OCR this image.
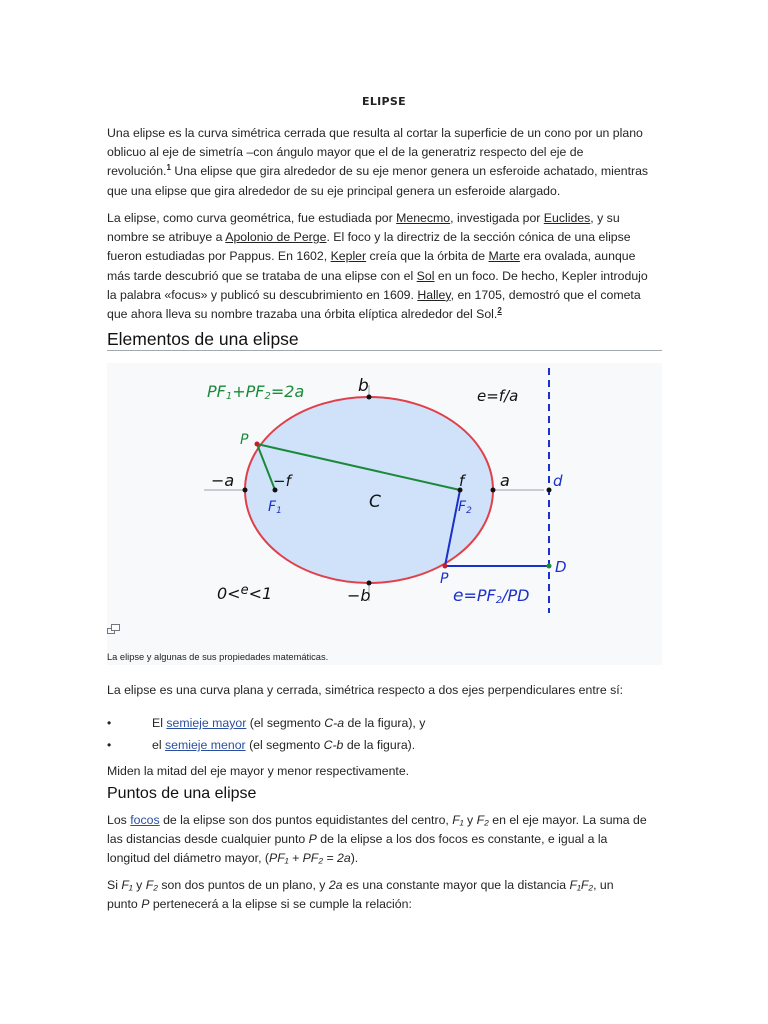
ELIPSE
Una elipse es la curva simétrica cerrada que resulta al cortar la superficie de un cono por un plano
oblicuo al eje de simetría –con ángulo mayor que el de la generatriz respecto del eje de
revolución.$^1$ Una elipse que gira alrededor de su eje menor genera un esferoide achatado, mientras
que una elipse que gira alrededor de su eje principal genera un esferoide alargado.
La elipse, como curva geométrica, fue estudiada por Menecmo, investigada por Euclides, y su
nombre se atribuye a Apolonio de Perge. El foco y la directriz de la sección cónica de una elipse
fueron estudiadas por Pappus. En 1602, Kepler creía que la órbita de Marte era ovalada, aunque
más tarde descubrió que se trataba de una elipse con el Sol en un foco. De hecho, Kepler introdujo
la palabra «focus» y publicó su descubrimiento en 1609. Halley, en 1705, demostró que el cometa
que ahora lleva su nombre trazaba una órbita elíptica alrededor del Sol.$^2$
Elementos de una elipse
PF1+PF2=2a	b	e=f/a
P
−a	−f	f a	d
F1	C	F2
P
D
0<$^e$<1	−b	e=PF2/PD
La elipse y algunas de sus propiedades matemáticas.
La elipse es una curva plana y cerrada, simétrica respecto a dos ejes perpendiculares entre sí:
•	El semieje mayor (el segmento C-a de la figura), y
•	el semieje menor (el segmento C-b de la figura).
Miden la mitad del eje mayor y menor respectivamente.
Puntos de una elipse
Los focos de la elipse son dos puntos equidistantes del centro, F₁ y F₂ en el eje mayor. La suma de
las distancias desde cualquier punto P de la elipse a los dos focos es constante, e igual a la
longitud del diámetro mayor, (PF₁ + PF₂ = 2a).
Si F₁ y F₂ son dos puntos de un plano, y 2a es una constante mayor que la distancia F₁F₂, un
punto P pertenecerá a la elipse si se cumple la relación:
